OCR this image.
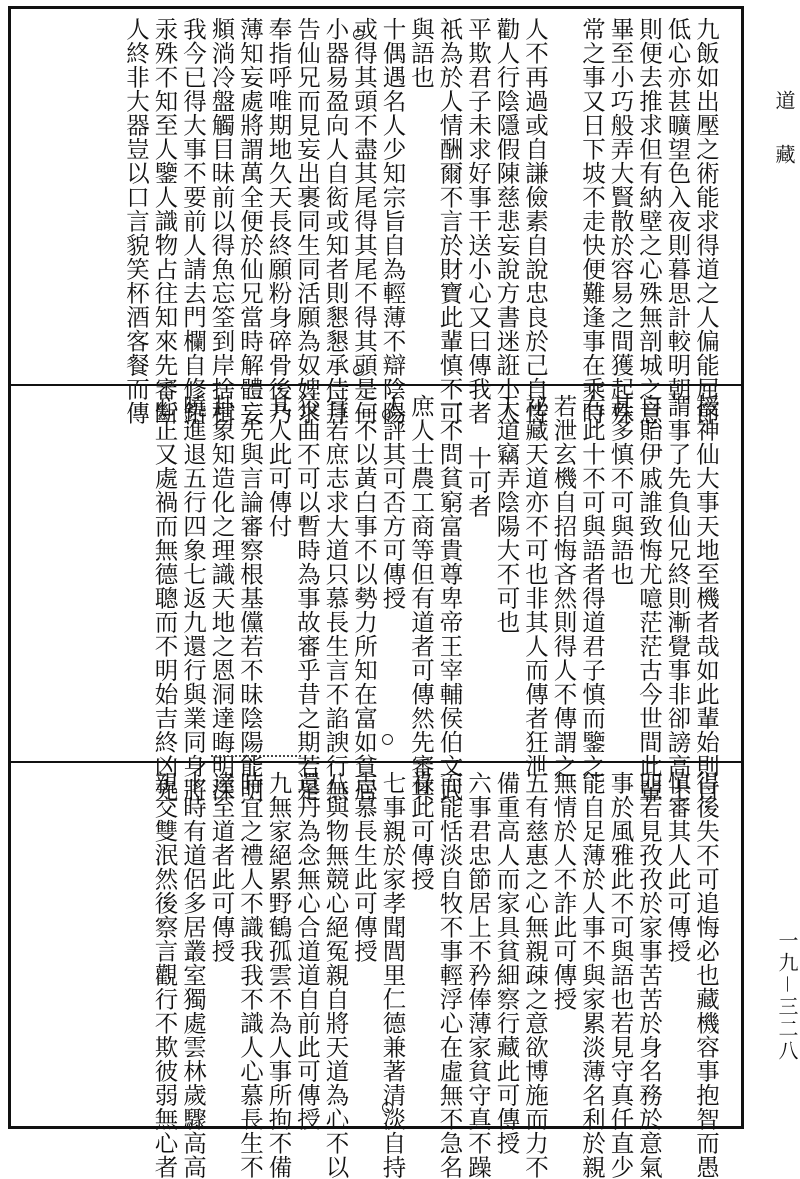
九飯如出壓之術能求得道之人偏能屈節
低心亦甚曠望色入夜則暮思計較明朝
則便去推求但有納壁之心殊無剖城之意
畢至小巧般弄大賢散於容易之間獲起殊
常之事又日下坡不走快便難逢事在乘時
人不再過或自謙儉素自說忠良於己自恃
勸人行陰隱假陳慈悲妄說方書迷誑小人
平欺君子未求好事干送小心又曰傳我者
祇為於人情酬爾不言於財寶此輩慎不可
與語也
十偶遇名人少知宗旨自為輕薄不辯陰陽
或得其頭不盡其尾得其尾不得其頭是何
小器易盈向人自衒或知者則懇懇承侍拜
告仙兄而見妄出裹同生同活願為奴婢求
奉指呼唯期地久天長終願粉身碎骨後乃
薄知妄處將謂萬全便於仙兄當時解體妄
頫淌冷盤觸目昧前以得魚忘筌到岸捨楫
我今已得大事不要前人請去門欄自修鉛
汞殊不知至人鑒人識物占往知來先審斷
人終非大器豈以口言貌笑杯酒客餐而傳
授神仙大事天地至機者哉如此輩始則自
謂事了先負仙兄終則漸覺事非卻謗高士
自貽伊戚誰致悔尤噫茫茫古今世間此輩
甚多慎不可與語也
右此十不可與語者得道君子慎而鑒之
若泄玄機自招悔吝然則得人不傳謂之
祕藏天道亦不可也非其人而傳者狂泄
天道竊弄陰陽大不可也
十可者
一不問貧窮富貴尊卑帝王宰輔侯伯文武
庶人士農工商等但有道者可傳然先審其
人評其可否方可傳授
二不以黃白事不以勢力所知在富如貧居
官若庶志求大道只慕長生言不諂諛行無
狡曲不可以暫時為事故審乎昔之期若是
其人此可傳付
三先與言論審察根基儻若不昧陰陽能明
卦象知造化之理識天地之恩洞達晦明深
曉進退五行四象七返九還行與業同身將
心正又處禍而無德聰而不明始吉終凶先
得後失不可追悔必也藏機容事抱智而愚
慎審其人此可傳授
四若見孜孜於家事苦苦於身名務於意氣
事於風雅此不可與語也若見守真任直少
能自足薄於人事不與家累淡薄名利於親
無情於人不詐此可傳授
五有慈惠之心無親疎之意欲博施而力不
備重高人而家具貧細察行藏此可傳授
六事君忠節居上不矜俸薄家貧守真不躁
而能恬淡自牧不事輕浮心在虛無不急名
祿此可傳授
七事親於家孝聞閭里仁德兼著清淡自持
志慕長生此可傳授
八與物無競心絕冤親自將天道為心不以
還丹為念無心合道道自前此可傳授
九無家絕累野鶴孤雲不為人事所拘不備
時宜之禮人不識我我不識人心慕長生不
達至道者此可傳授
十時有道侶多居叢室獨處雲林歲驟高高
親交雙泯然後察言觀行不欺彼弱無心者
道藏
一九－三二八
